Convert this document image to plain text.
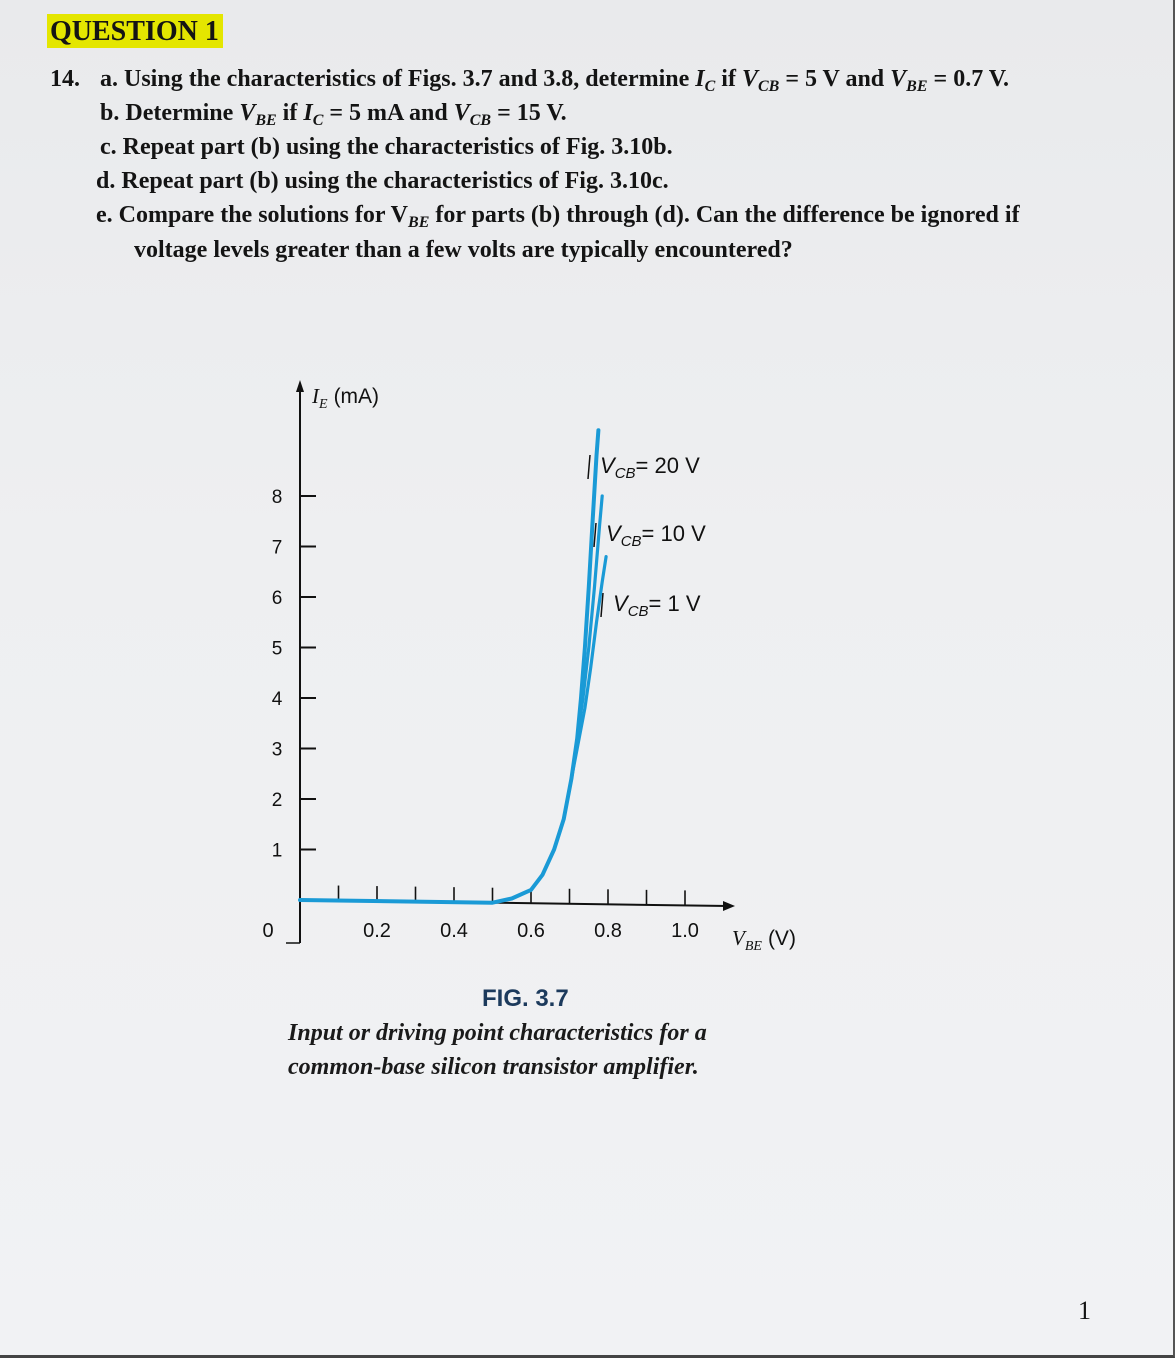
QUESTION 1
14. a. Using the characteristics of Figs. 3.7 and 3.8, determine $I_C$ if $V_{CB} = 5$ V and $V_{BE} = 0.7$ V.
b. Determine $V_{BE}$ if $I_C = 5$ mA and $V_{CB} = 15$ V.
c. Repeat part (b) using the characteristics of Fig. 3.10b.
d. Repeat part (b) using the characteristics of Fig. 3.10c.
e. Compare the solutions for $V_{BE}$ for parts (b) through (d). Can the difference be ignored if
voltage levels greater than a few volts are typically encountered?
$I_E$ (mA)
$V_{BE}$ (V)
8
7
6
5
4
3
2
1
0	0.2 0.4 0.6 0.8 1.0
$V_{CB}= 20$ V
$V_{CB}= 10$ V
$V_{CB}= 1$ V
FIG. 3.7
Input or driving point characteristics for a
common-base silicon transistor amplifier.
1
